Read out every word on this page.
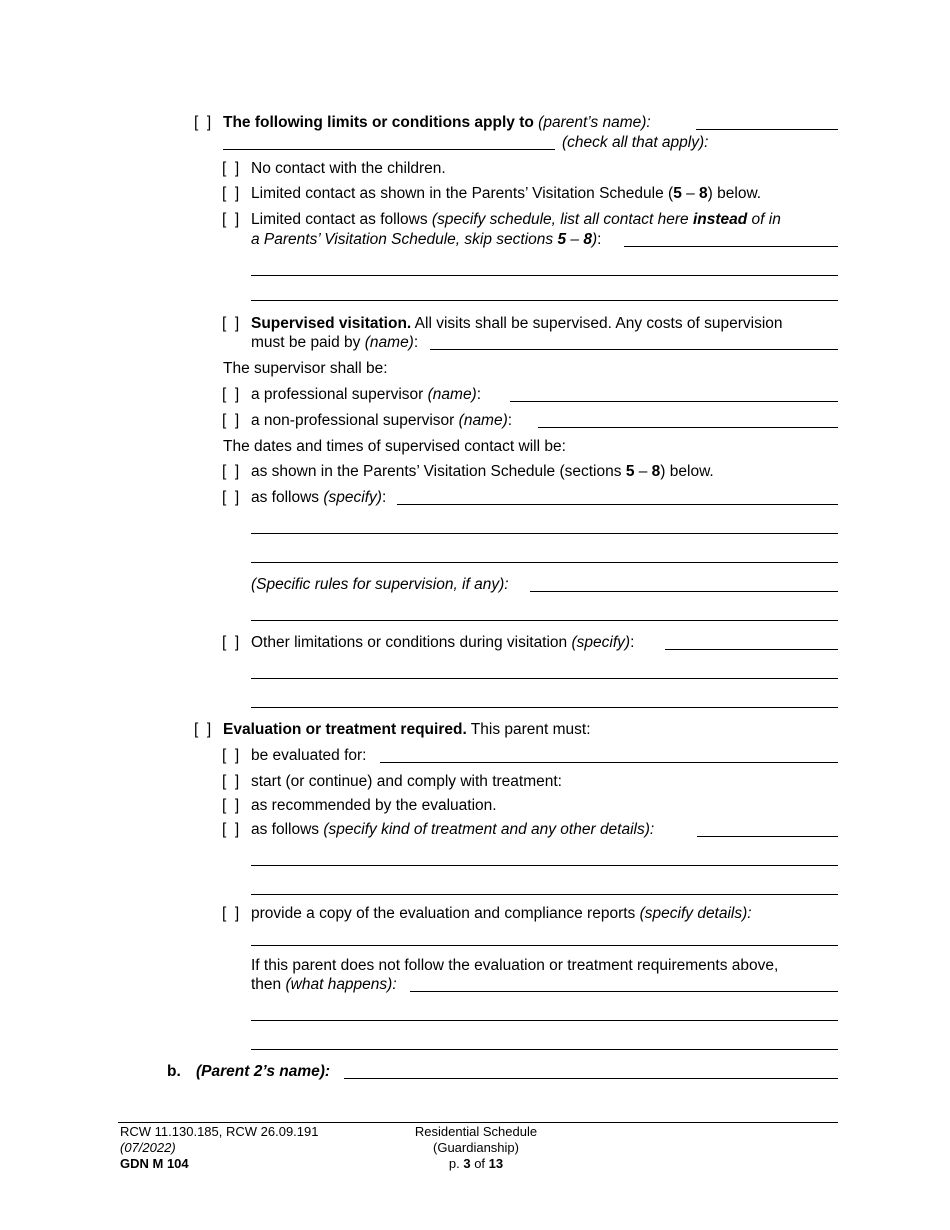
[  ] The following limits or conditions apply to (parent’s name):
(check all that apply):
[  ] No contact with the children.
[  ] Limited contact as shown in the Parents’ Visitation Schedule (5 – 8) below.
[  ] Limited contact as follows (specify schedule, list all contact here instead of in
a Parents’ Visitation Schedule, skip sections 5 – 8):
[  ] Supervised visitation. All visits shall be supervised. Any costs of supervision
must be paid by (name):
The supervisor shall be:
[  ] a professional supervisor (name):
[  ] a non-professional supervisor (name):
The dates and times of supervised contact will be:
[  ] as shown in the Parents’ Visitation Schedule (sections 5 – 8) below.
[  ] as follows (specify):
(Specific rules for supervision, if any):
[  ] Other limitations or conditions during visitation (specify):
[  ] Evaluation or treatment required. This parent must:
[  ] be evaluated for:
[  ] start (or continue) and comply with treatment:
[  ] as recommended by the evaluation.
[  ] as follows (specify kind of treatment and any other details):
[  ] provide a copy of the evaluation and compliance reports (specify details):
If this parent does not follow the evaluation or treatment requirements above,
then (what happens):
b. (Parent 2’s name):
RCW 11.130.185, RCW 26.09.191
(07/2022)
GDN M 104
Residential Schedule
(Guardianship)
p. 3 of 13
